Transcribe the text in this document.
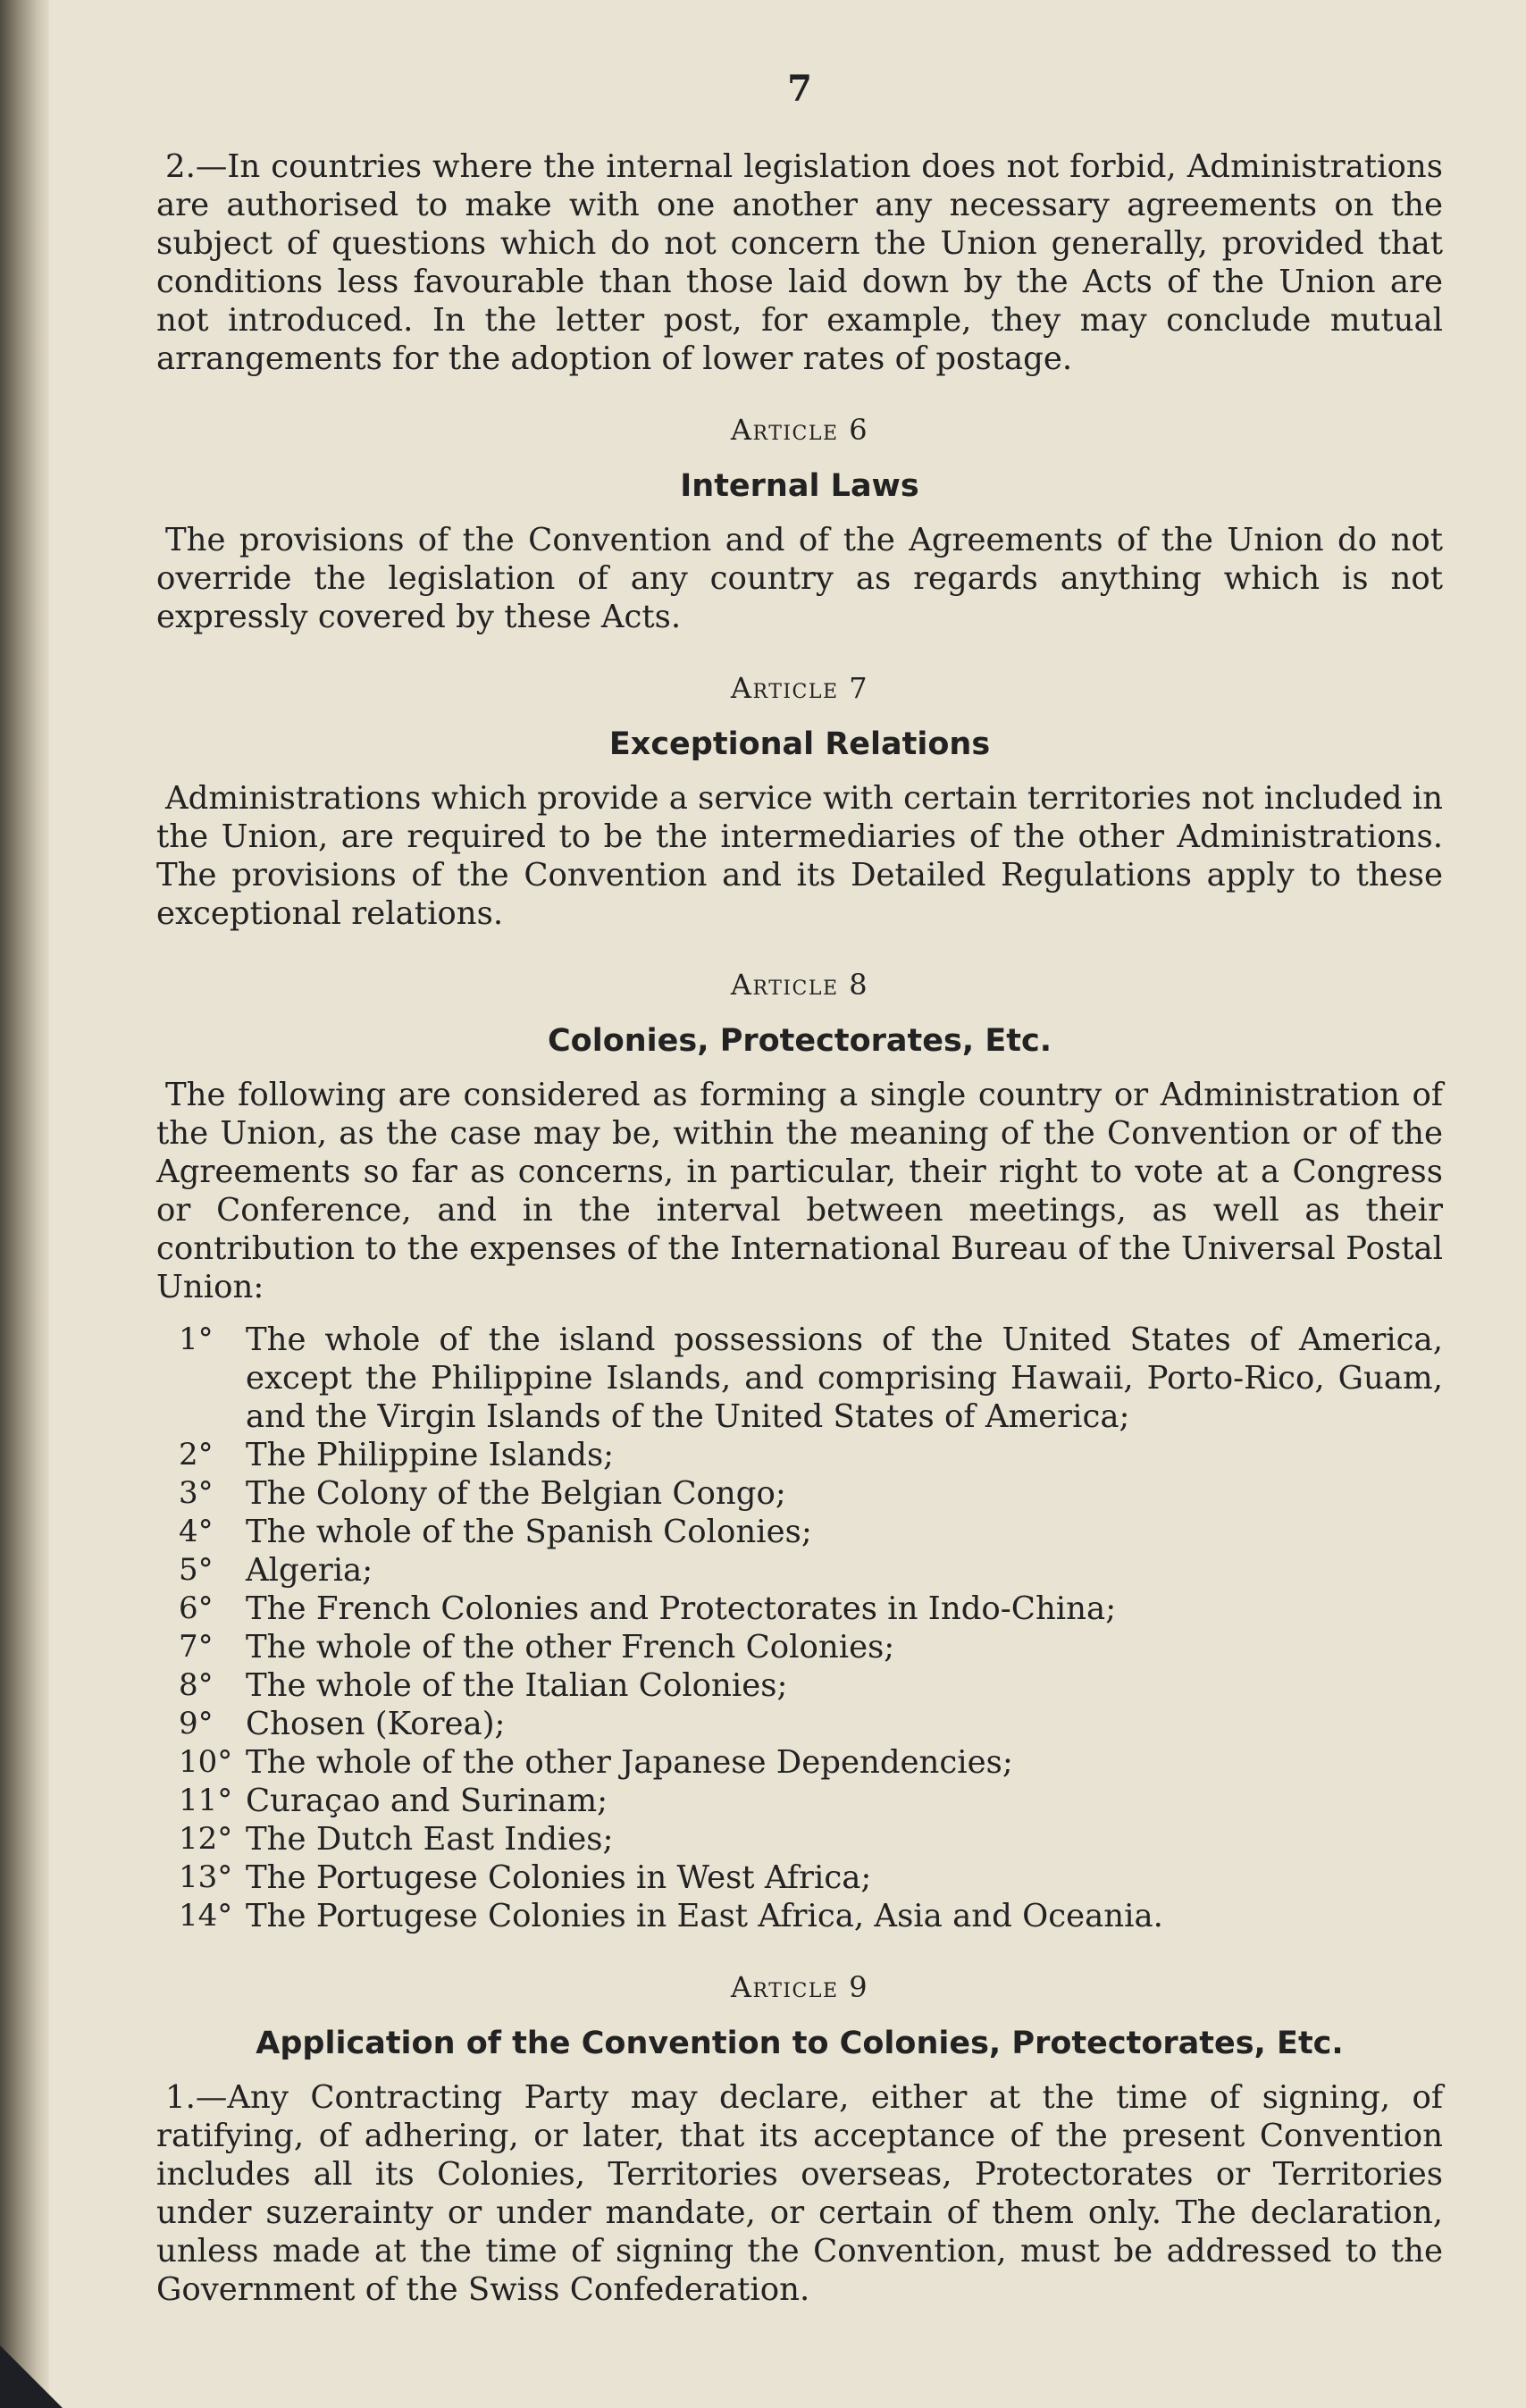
7

2.—In countries where the internal legislation does not forbid, Administrations are authorised to make with one another any necessary agreements on the subject of questions which do not concern the Union generally, provided that conditions less favourable than those laid down by the Acts of the Union are not introduced. In the letter post, for example, they may conclude mutual arrangements for the adoption of lower rates of postage.

Article 6
Internal Laws

The provisions of the Convention and of the Agreements of the Union do not override the legislation of any country as regards anything which is not expressly covered by these Acts.

Article 7
Exceptional Relations

Administrations which provide a service with certain territories not included in the Union, are required to be the intermediaries of the other Administrations. The provisions of the Convention and its Detailed Regulations apply to these exceptional relations.

Article 8
Colonies, Protectorates, Etc.

The following are considered as forming a single country or Administration of the Union, as the case may be, within the meaning of the Convention or of the Agreements so far as concerns, in particular, their right to vote at a Congress or Conference, and in the interval between meetings, as well as their contribution to the expenses of the International Bureau of the Universal Postal Union:

1°	The whole of the island possessions of the United States of America, except the Philippine Islands, and comprising Hawaii, Porto-Rico, Guam, and the Virgin Islands of the United States of America;
2°	The Philippine Islands;
3°	The Colony of the Belgian Congo;
4°	The whole of the Spanish Colonies;
5°	Algeria;
6°	The French Colonies and Protectorates in Indo-China;
7°	The whole of the other French Colonies;
8°	The whole of the Italian Colonies;
9°	Chosen (Korea);
10° The whole of the other Japanese Dependencies;
11° Curaçao and Surinam;
12° The Dutch East Indies;
13° The Portugese Colonies in West Africa;
14° The Portugese Colonies in East Africa, Asia and Oceania.
Article 9
Application of the Convention to Colonies, Protectorates, Etc.

1.—Any Contracting Party may declare, either at the time of signing, of ratifying, of adhering, or later, that its acceptance of the present Convention includes all its Colonies, Territories overseas, Protectorates or Territories under suzerainty or under mandate, or certain of them only. The declaration, unless made at the time of signing the Convention, must be addressed to the Government of the Swiss Confederation.
